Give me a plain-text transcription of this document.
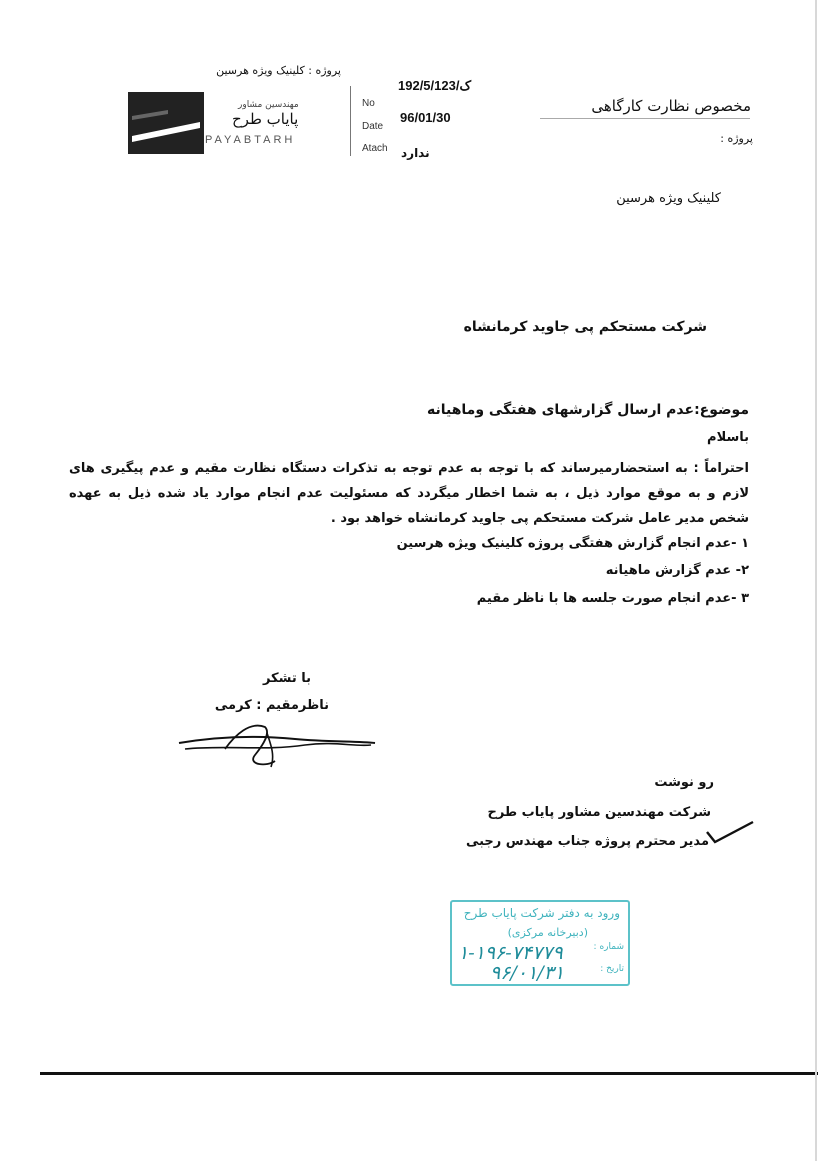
پروژه : کلینیک ویژه هرسین
مهندسین مشاور
پایاب طرح
PAYABTARH
No
192/5/ک/123
Date
96/01/30
Atach ندارد
مخصوص نظارت کارگاهی
پروژه :
کلینیک ویژه هرسین
شرکت مستحکم پی جاوید کرمانشاه
موضوع:عدم ارسال گزارشهای هفتگی وماهیانه
باسلام
احتراماً : به استحضارمیرساند که با توجه به عدم توجه به تذکرات دستگاه نظارت مقیم و عدم پیگیری های لازم و به موقع موارد ذیل ، به شما اخطار میگردد که مسئولیت عدم انجام موارد یاد شده ذیل به عهده شخص مدیر عامل شرکت مستحکم پی جاوید کرمانشاه خواهد بود .
۱ -عدم انجام گزارش هفتگی پروژه کلینیک ویژه هرسین
۲- عدم گزارش ماهیانه
۳ -عدم انجام صورت جلسه ها با ناظر مقیم
با تشکر
ناظرمقیم : کرمی
رو نوشت
شرکت مهندسین مشاور پایاب طرح
مدیر محترم پروژه جناب مهندس رجبی
ورود به دفتر شرکت پایاب طرح
(دبیرخانه مرکزی)
شماره :
۱-۱۹۶-۷۴۷۷۹
تاریخ :
۹۶/۰۱/۳۱
